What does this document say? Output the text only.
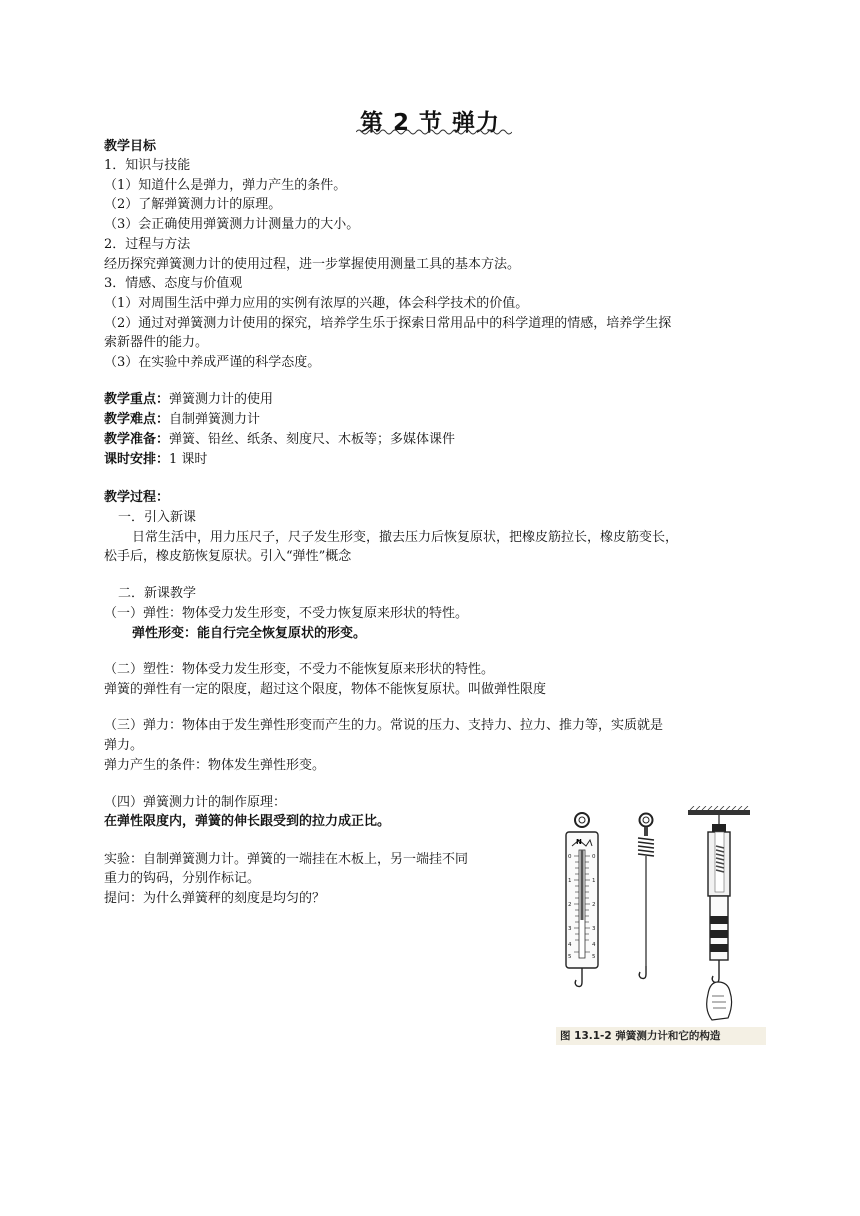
第 2 节 弹力
教学目标
1．知识与技能
（1）知道什么是弹力，弹力产生的条件。
（2）了解弹簧测力计的原理。
（3）会正确使用弹簧测力计测量力的大小。
2．过程与方法
经历探究弹簧测力计的使用过程，进一步掌握使用测量工具的基本方法。
3．情感、态度与价值观
（1）对周围生活中弹力应用的实例有浓厚的兴趣，体会科学技术的价值。
（2）通过对弹簧测力计使用的探究，培养学生乐于探索日常用品中的科学道理的情感，培养学生探
索新器件的能力。
（3）在实验中养成严谨的科学态度。
教学重点：弹簧测力计的使用
教学难点：自制弹簧测力计
教学准备：弹簧、铅丝、纸条、刻度尺、木板等；多媒体课件
课时安排：1 课时
教学过程：
一．引入新课
日常生活中，用力压尺子，尺子发生形变，撤去压力后恢复原状，把橡皮筋拉长，橡皮筋变长，
松手后，橡皮筋恢复原状。引入“弹性”概念
二．新课教学
（一）弹性：物体受力发生形变，不受力恢复原来形状的特性。
弹性形变：能自行完全恢复原状的形变。
（二）塑性：物体受力发生形变，不受力不能恢复原来形状的特性。
弹簧的弹性有一定的限度，超过这个限度，物体不能恢复原状。叫做弹性限度
（三）弹力：物体由于发生弹性形变而产生的力。常说的压力、支持力、拉力、推力等，实质就是
弹力。
弹力产生的条件：物体发生弹性形变。
（四）弹簧测力计的制作原理：
在弹性限度内，弹簧的伸长跟受到的拉力成正比。
实验：自制弹簧测力计。弹簧的一端挂在木板上，另一端挂不同
重力的钩码，分别作标记。
提问：为什么弹簧秤的刻度是均匀的？
N
0
1
2
3
4
5
0
1
2
3
4
5
图 13.1-2 弹簧测力计和它的构造
